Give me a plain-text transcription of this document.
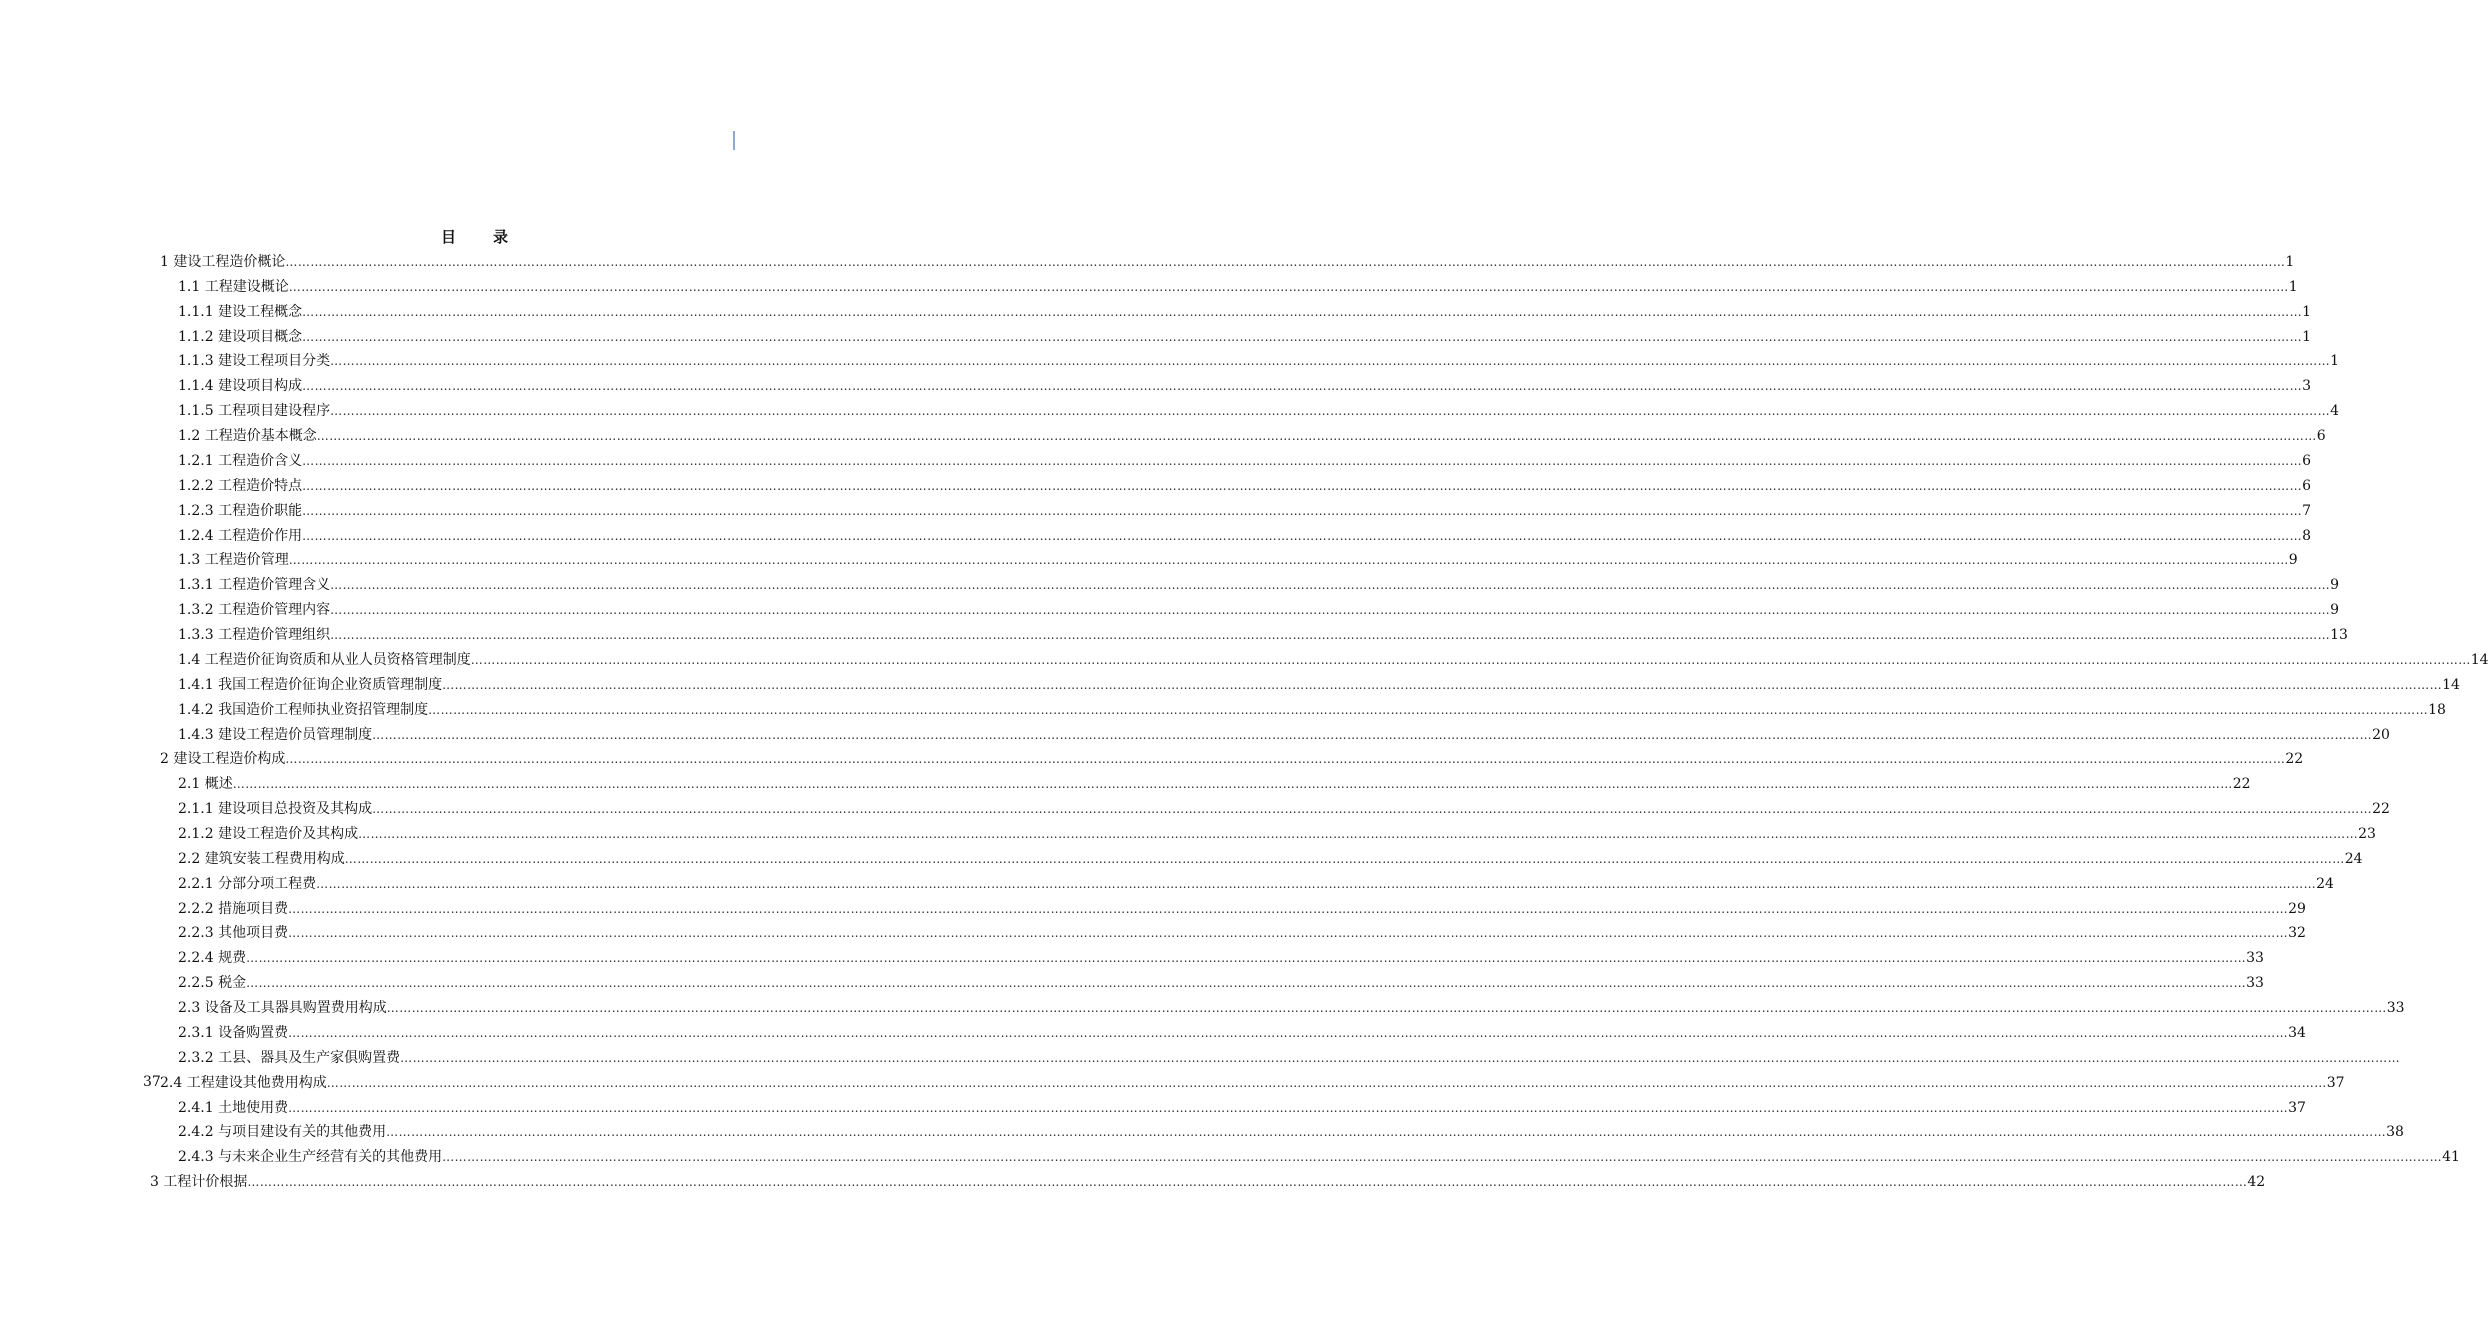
目 录
1 建设工程造价概论 ………………………………………………………………………………………………………………………………………………………………………………………………………………………………………………………………………………………………………………………………………………………………………………………………………………………………………… 1
1.1 工程建设概论 ………………………………………………………………………………………………………………………………………………………………………………………………………………………………………………………………………………………………………………………………………………………………………………………………………………………………………… 1
1.1.1 建设工程概念 ………………………………………………………………………………………………………………………………………………………………………………………………………………………………………………………………………………………………………………………………………………………………………………………………………………………………………… 1
1.1.2 建设项目概念 ………………………………………………………………………………………………………………………………………………………………………………………………………………………………………………………………………………………………………………………………………………………………………………………………………………………………………… 1
1.1.3 建设工程项目分类 ………………………………………………………………………………………………………………………………………………………………………………………………………………………………………………………………………………………………………………………………………………………………………………………………………………………………………… 1
1.1.4 建设项目构成 ………………………………………………………………………………………………………………………………………………………………………………………………………………………………………………………………………………………………………………………………………………………………………………………………………………………………………… 3
1.1.5 工程项目建设程序 ………………………………………………………………………………………………………………………………………………………………………………………………………………………………………………………………………………………………………………………………………………………………………………………………………………………………………… 4
1.2 工程造价基本概念 ………………………………………………………………………………………………………………………………………………………………………………………………………………………………………………………………………………………………………………………………………………………………………………………………………………………………………… 6
1.2.1 工程造价含义 ………………………………………………………………………………………………………………………………………………………………………………………………………………………………………………………………………………………………………………………………………………………………………………………………………………………………………… 6
1.2.2 工程造价特点 ………………………………………………………………………………………………………………………………………………………………………………………………………………………………………………………………………………………………………………………………………………………………………………………………………………………………………… 6
1.2.3 工程造价职能 ………………………………………………………………………………………………………………………………………………………………………………………………………………………………………………………………………………………………………………………………………………………………………………………………………………………………………… 7
1.2.4 工程造价作用 ………………………………………………………………………………………………………………………………………………………………………………………………………………………………………………………………………………………………………………………………………………………………………………………………………………………………………… 8
1.3 工程造价管理 ………………………………………………………………………………………………………………………………………………………………………………………………………………………………………………………………………………………………………………………………………………………………………………………………………………………………………… 9
1.3.1 工程造价管理含义 ………………………………………………………………………………………………………………………………………………………………………………………………………………………………………………………………………………………………………………………………………………………………………………………………………………………………………… 9
1.3.2 工程造价管理内容 ………………………………………………………………………………………………………………………………………………………………………………………………………………………………………………………………………………………………………………………………………………………………………………………………………………………………………… 9
1.3.3 工程造价管理组织 ………………………………………………………………………………………………………………………………………………………………………………………………………………………………………………………………………………………………………………………………………………………………………………………………………………………………………… 13
1.4 工程造价征询资质和从业人员资格管理制度 ………………………………………………………………………………………………………………………………………………………………………………………………………………………………………………………………………………………………………………………………………………………………………………………………………………………………………… 14
1.4.1 我国工程造价征询企业资质管理制度 ………………………………………………………………………………………………………………………………………………………………………………………………………………………………………………………………………………………………………………………………………………………………………………………………………………………………………… 14
1.4.2 我国造价工程师执业资招管理制度 ………………………………………………………………………………………………………………………………………………………………………………………………………………………………………………………………………………………………………………………………………………………………………………………………………………………………………… 18
1.4.3 建设工程造价员管理制度 ………………………………………………………………………………………………………………………………………………………………………………………………………………………………………………………………………………………………………………………………………………………………………………………………………………………………………… 20
2 建设工程造价构成 ………………………………………………………………………………………………………………………………………………………………………………………………………………………………………………………………………………………………………………………………………………………………………………………………………………………………………… 22
2.1 概述 ………………………………………………………………………………………………………………………………………………………………………………………………………………………………………………………………………………………………………………………………………………………………………………………………………………………………………… 22
2.1.1 建设项目总投资及其构成 ………………………………………………………………………………………………………………………………………………………………………………………………………………………………………………………………………………………………………………………………………………………………………………………………………………………………………… 22
2.1.2 建设工程造价及其构成 ………………………………………………………………………………………………………………………………………………………………………………………………………………………………………………………………………………………………………………………………………………………………………………………………………………………………………… 23
2.2 建筑安装工程费用构成 ………………………………………………………………………………………………………………………………………………………………………………………………………………………………………………………………………………………………………………………………………………………………………………………………………………………………………… 24
2.2.1 分部分项工程费 ………………………………………………………………………………………………………………………………………………………………………………………………………………………………………………………………………………………………………………………………………………………………………………………………………………………………………… 24
2.2.2 措施项目费 ………………………………………………………………………………………………………………………………………………………………………………………………………………………………………………………………………………………………………………………………………………………………………………………………………………………………………… 29
2.2.3 其他项目费 ………………………………………………………………………………………………………………………………………………………………………………………………………………………………………………………………………………………………………………………………………………………………………………………………………………………………………… 32
2.2.4 规费 ………………………………………………………………………………………………………………………………………………………………………………………………………………………………………………………………………………………………………………………………………………………………………………………………………………………………………… 33
2.2.5 税金 ………………………………………………………………………………………………………………………………………………………………………………………………………………………………………………………………………………………………………………………………………………………………………………………………………………………………………… 33
2.3 设备及工具器具购置费用构成 ………………………………………………………………………………………………………………………………………………………………………………………………………………………………………………………………………………………………………………………………………………………………………………………………………………………………………… 33
2.3.1 设备购置费 ………………………………………………………………………………………………………………………………………………………………………………………………………………………………………………………………………………………………………………………………………………………………………………………………………………………………………… 34
2.3.2 工县、器具及生产家俱购置费 …………………………………………………………………………………………………………………………………………………………………………………………………………………………………………………………………………………………………………………………………………………………………………………………………………………………………………
2.4 工程建设其他费用构成 ………………………………………………………………………………………………………………………………………………………………………………………………………………………………………………………………………………………………………………………………………………………………………………………………………………………………………… 37
2.4.1 土地使用费 ………………………………………………………………………………………………………………………………………………………………………………………………………………………………………………………………………………………………………………………………………………………………………………………………………………………………………… 37
2.4.2 与项目建设有关的其他费用 ………………………………………………………………………………………………………………………………………………………………………………………………………………………………………………………………………………………………………………………………………………………………………………………………………………………………………… 38
2.4.3 与未来企业生产经营有关的其他费用 ………………………………………………………………………………………………………………………………………………………………………………………………………………………………………………………………………………………………………………………………………………………………………………………………………………………………………… 41
3 工程计价根据 ………………………………………………………………………………………………………………………………………………………………………………………………………………………………………………………………………………………………………………………………………………………………………………………………………………………………………… 42
37
